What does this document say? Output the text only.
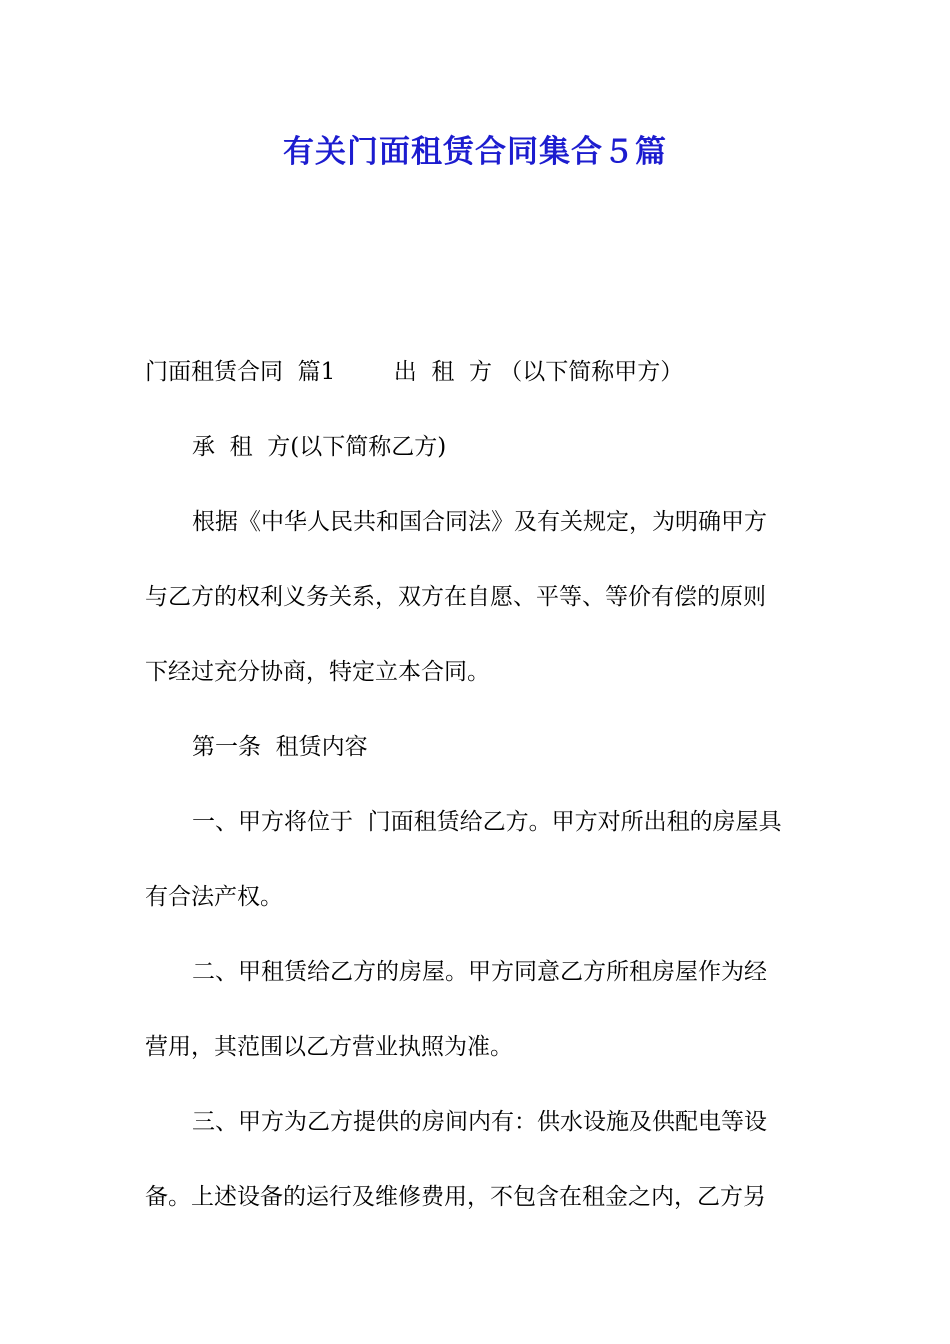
有关门面租赁合同集合５篇

门面租赁合同  篇1        出  租  方 （以下简称甲方）

承  租  方(以下简称乙方)

根据《中华人民共和国合同法》及有关规定，为明确甲方

与乙方的权利义务关系，双方在自愿、平等、等价有偿的原则

下经过充分协商，特定立本合同。

第一条  租赁内容

一、甲方将位于  门面租赁给乙方。甲方对所出租的房屋具

有合法产权。

二、甲租赁给乙方的房屋。甲方同意乙方所租房屋作为经

营用，其范围以乙方营业执照为准。

三、甲方为乙方提供的房间内有：供水设施及供配电等设

备。上述设备的运行及维修费用，不包含在租金之内，乙方另
